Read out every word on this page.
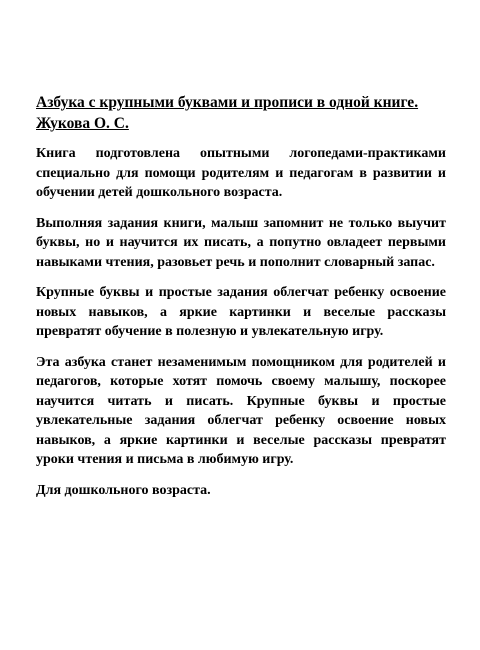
Азбука с крупными буквами и прописи в одной книге. Жукова О. С.

Книга подготовлена опытными логопедами-практиками специально для помощи родителям и педагогам в развитии и обучении детей дошкольного возраста.

Выполняя задания книги, малыш запомнит не только выучит буквы, но и научится их писать, а попутно овладеет первыми навыками чтения, разовьет речь и пополнит словарный запас.

Крупные буквы и простые задания облегчат ребенку освоение новых навыков, а яркие картинки и веселые рассказы превратят обучение в полезную и увлекательную игру.

Эта азбука станет незаменимым помощником для родителей и педагогов, которые хотят помочь своему малышу, поскорее научится читать и писать. Крупные буквы и простые увлекательные задания облегчат ребенку освоение новых навыков, а яркие картинки и веселые рассказы превратят уроки чтения и письма в любимую игру.

Для дошкольного возраста.
